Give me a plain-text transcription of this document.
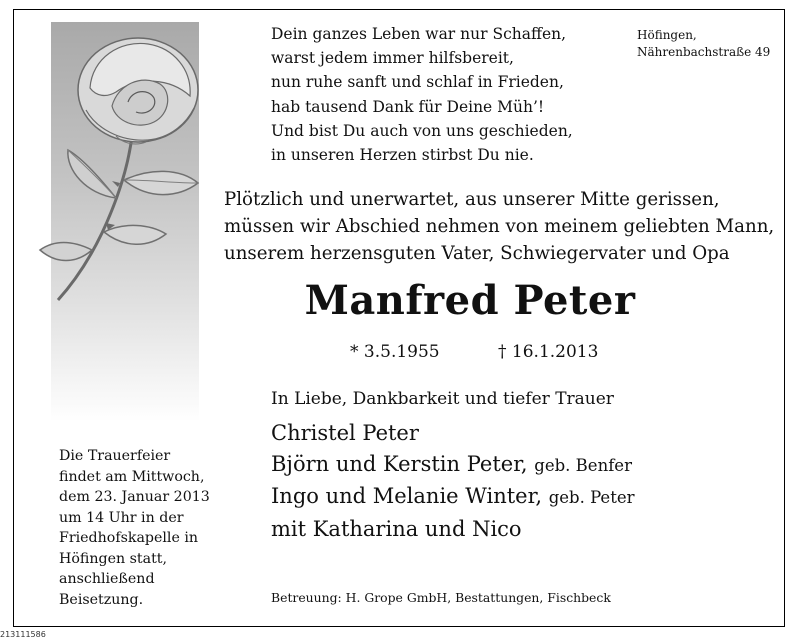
Dein ganzes Leben war nur Schaffen,
warst jedem immer hilfsbereit,
nun ruhe sanft und schlaf in Frieden,
hab tausend Dank für Deine Müh’!
Und bist Du auch von uns geschieden,
in unseren Herzen stirbst Du nie.
Höfingen,
Nährenbachstraße 49
Plötzlich und unerwartet, aus unserer Mitte gerissen,
müssen wir Abschied nehmen von meinem geliebten Mann,
unserem herzensguten Vater, Schwiegervater und Opa
Manfred Peter
* 3.5.1955	† 16.1.2013
In Liebe, Dankbarkeit und tiefer Trauer
Christel Peter
Björn und Kerstin Peter, geb. Benfer
Ingo und Melanie Winter, geb. Peter
mit Katharina und Nico
Die Trauerfeier
findet am Mittwoch,
dem 23. Januar 2013
um 14 Uhr in der
Friedhofskapelle in
Höfingen statt,
anschließend
Beisetzung.	Betreuung: H. Grope GmbH, Bestattungen, Fischbeck
213111586
